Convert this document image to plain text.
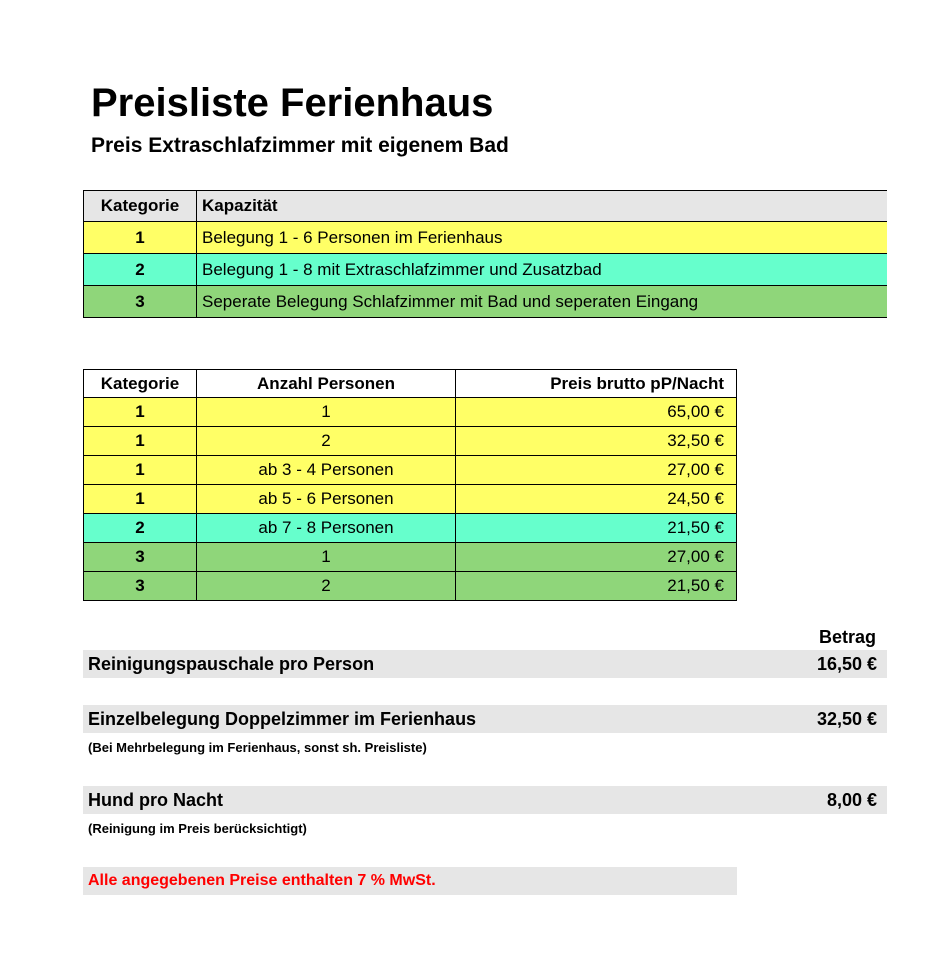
Preisliste Ferienhaus
Preis Extraschlafzimmer mit eigenem Bad
Kategorie	Kapazität
1	Belegung 1 - 6 Personen im Ferienhaus
2	Belegung 1 - 8 mit Extraschlafzimmer und Zusatzbad
3	Seperate Belegung Schlafzimmer mit Bad und seperaten Eingang
Kategorie	Anzahl Personen	Preis brutto pP/Nacht
1	1	65,00 €
1	2	32,50 €
1	ab 3 - 4 Personen	27,00 €
1	ab 5 - 6 Personen	24,50 €
2	ab 7 - 8 Personen	21,50 €
3	1	27,00 €
3	2	21,50 €
Betrag
Reinigungspauschale pro Person	16,50 €
Einzelbelegung Doppelzimmer im Ferienhaus	32,50 €
(Bei Mehrbelegung im Ferienhaus, sonst sh. Preisliste)
Hund pro Nacht	8,00 €
(Reinigung im Preis berücksichtigt)
Alle angegebenen Preise enthalten 7 % MwSt.
